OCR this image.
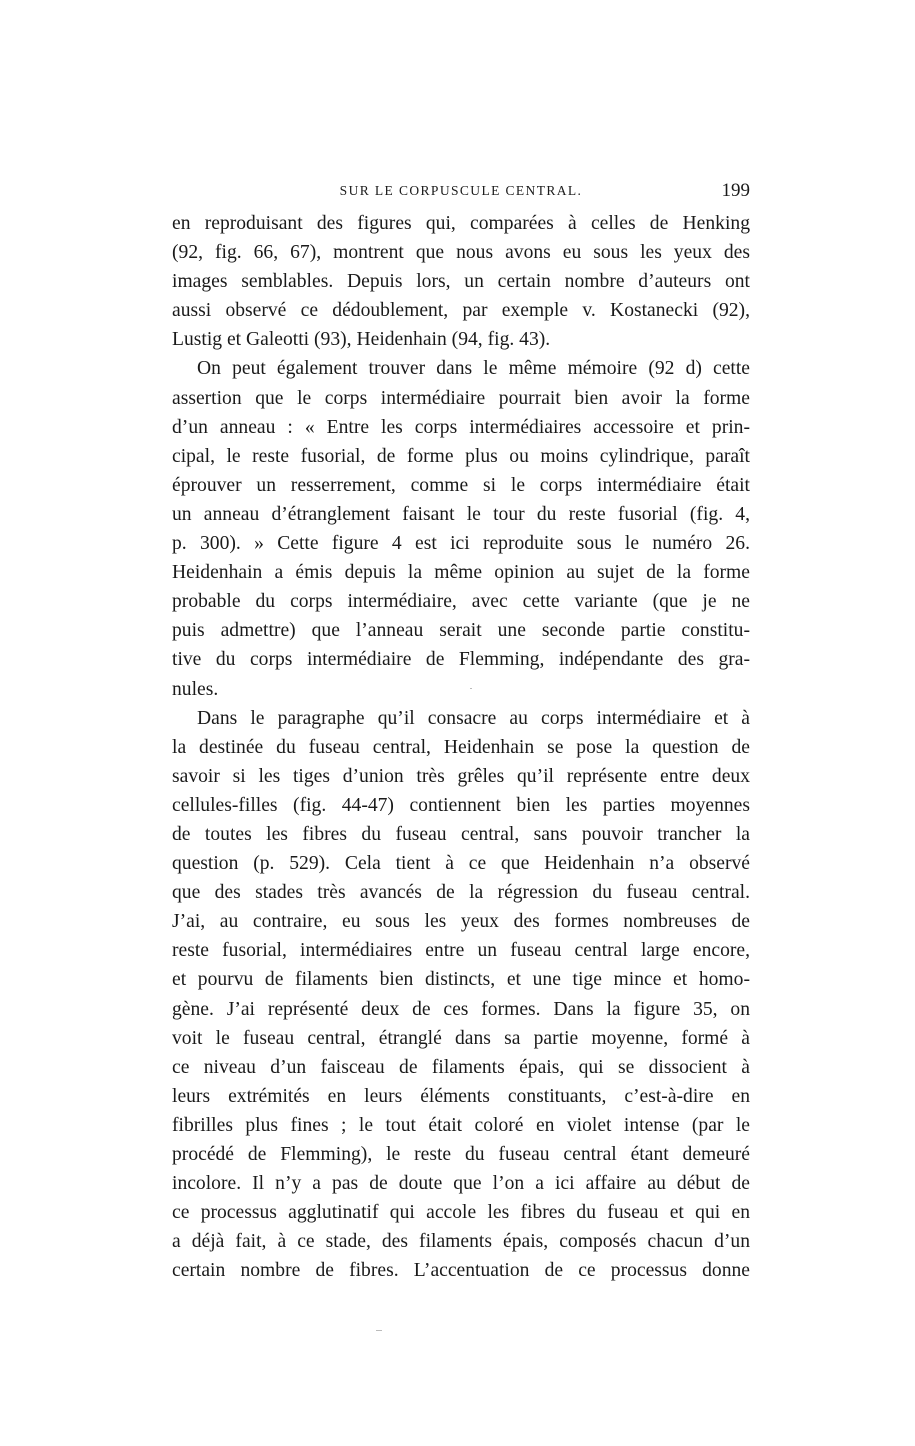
SUR LE CORPUSCULE CENTRAL.	199
en reproduisant des figures qui, comparées à celles de Henking
(92, fig. 66, 67), montrent que nous avons eu sous les yeux des
images semblables. Depuis lors, un certain nombre d’auteurs ont
aussi observé ce dédoublement, par exemple v. Kostanecki (92),
Lustig et Galeotti (93), Heidenhain (94, fig. 43).
On peut également trouver dans le même mémoire (92 d) cette
assertion que le corps intermédiaire pourrait bien avoir la forme
d’un anneau : « Entre les corps intermédiaires accessoire et prin-
cipal, le reste fusorial, de forme plus ou moins cylindrique, paraît
éprouver un resserrement, comme si le corps intermédiaire était
un anneau d’étranglement faisant le tour du reste fusorial (fig. 4,
p. 300). » Cette figure 4 est ici reproduite sous le numéro 26.
Heidenhain a émis depuis la même opinion au sujet de la forme
probable du corps intermédiaire, avec cette variante (que je ne
puis admettre) que l’anneau serait une seconde partie constitu-
tive du corps intermédiaire de Flemming, indépendante des gra-
nules.
Dans le paragraphe qu’il consacre au corps intermédiaire et à
la destinée du fuseau central, Heidenhain se pose la question de
savoir si les tiges d’union très grêles qu’il représente entre deux
cellules-filles (fig. 44-47) contiennent bien les parties moyennes
de toutes les fibres du fuseau central, sans pouvoir trancher la
question (p. 529). Cela tient à ce que Heidenhain n’a observé
que des stades très avancés de la régression du fuseau central.
J’ai, au contraire, eu sous les yeux des formes nombreuses de
reste fusorial, intermédiaires entre un fuseau central large encore,
et pourvu de filaments bien distincts, et une tige mince et homo-
gène. J’ai représenté deux de ces formes. Dans la figure 35, on
voit le fuseau central, étranglé dans sa partie moyenne, formé à
ce niveau d’un faisceau de filaments épais, qui se dissocient à
leurs extrémités en leurs éléments constituants, c’est-à-dire en
fibrilles plus fines ; le tout était coloré en violet intense (par le
procédé de Flemming), le reste du fuseau central étant demeuré
incolore. Il n’y a pas de doute que l’on a ici affaire au début de
ce processus agglutinatif qui accole les fibres du fuseau et qui en
a déjà fait, à ce stade, des filaments épais, composés chacun d’un
certain nombre de fibres. L’accentuation de ce processus donne
